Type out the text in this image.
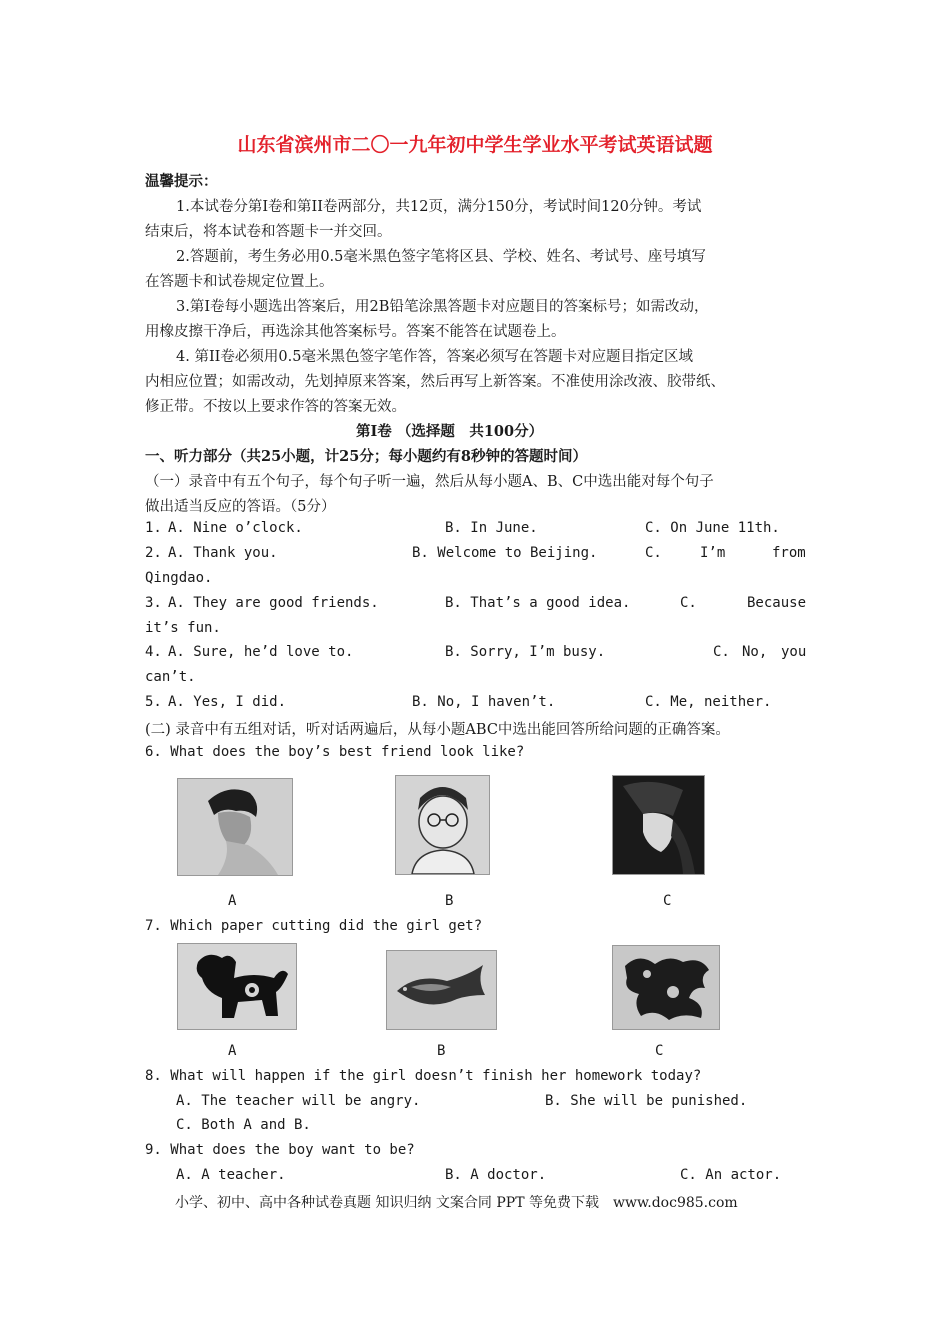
山东省滨州市二〇一九年初中学生学业水平考试英语试题
温馨提示：
1.本试卷分第Ⅰ卷和第II卷两部分，共12页，满分150分，考试时间120分钟。考试
结束后，将本试卷和答题卡一并交回。
2.答题前，考生务必用0.5毫米黑色签字笔将区县、学校、姓名、考试号、座号填写
在答题卡和试卷规定位置上。
3.第Ⅰ卷每小题选出答案后，用2B铅笔涂黑答题卡对应题目的答案标号；如需改动，
用橡皮擦干净后，再选涂其他答案标号。答案不能答在试题卷上。
4. 第II卷必须用0.5毫米黑色签字笔作答，答案必须写在答题卡对应题目指定区域
内相应位置；如需改动，先划掉原来答案，然后再写上新答案。不准使用涂改液、胶带纸、
修正带。不按以上要求作答的答案无效。
第Ⅰ卷 （选择题　共100分）
一、听力部分（共25小题，计25分；每小题约有8秒钟的答题时间）
（一）录音中有五个句子，每个句子听一遍，然后从每小题A、B、C中选出能对每个句子
做出适当反应的答语。（5分）
1. A. Nine o’clock.	B. In June.	C. On June 11th.
2. A. Thank you.	B. Welcome to Beijing.	C.	I’m	from
Qingdao.
3. A. They are good friends.	B. That’s a good idea.	C.	Because
it’s fun.
4. A. Sure, he’d love to.	B. Sorry, I’m busy.	C. No, you
can’t.
5. A. Yes, I did.	B. No, I haven’t.	C. Me, neither.
(二) 录音中有五组对话，听对话两遍后，从每小题ABC中选出能回答所给问题的正确答案。
6. What does the boy’s best friend look like?
A	B	C
7. Which paper cutting did the girl get?
A	B	C
8. What will happen if the girl doesn’t finish her homework today?
A. The teacher will be angry.	B. She will be punished.
C. Both A and B.
9. What does the boy want to be?
A. A teacher.	B. A doctor.	C. An actor.
小学、初中、高中各种试卷真题 知识归纳 文案合同 PPT 等免费下载　www.doc985.com
